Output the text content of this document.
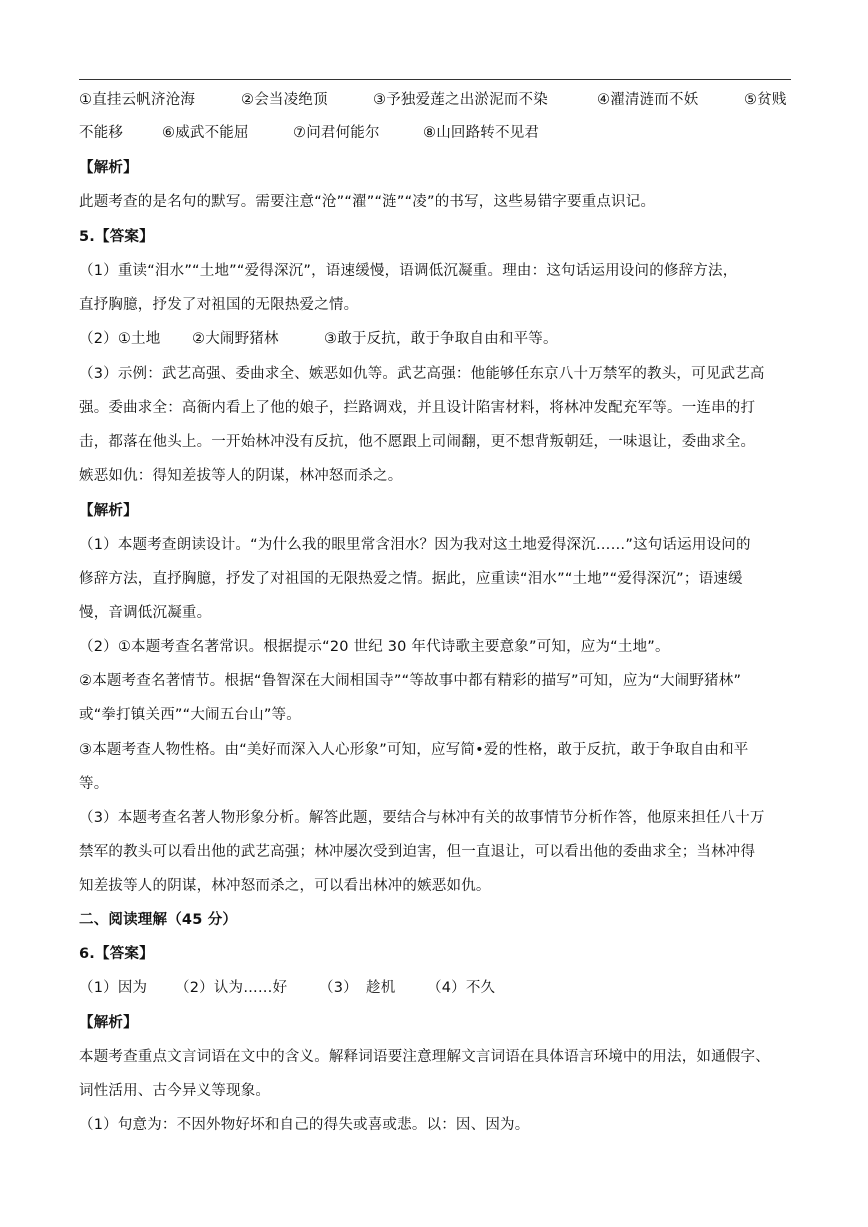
①直挂云帆济沧海	②会当凌绝顶	③予独爱莲之出淤泥而不染	④濯清涟而不妖	⑤贫贱
不能移	⑥威武不能屈	⑦问君何能尔	⑧山回路转不见君
【解析】
此题考查的是名句的默写。需要注意“沧”“濯”“涟”“凌”的书写，这些易错字要重点识记。
5.【答案】
（1）重读“泪水”“土地”“爱得深沉”，语速缓慢，语调低沉凝重。理由：这句话运用设问的修辞方法，
直抒胸臆，抒发了对祖国的无限热爱之情。
（2）①土地 ②大闹野猪林	③敢于反抗，敢于争取自由和平等。
（3）示例：武艺高强、委曲求全、嫉恶如仇等。武艺高强：他能够任东京八十万禁军的教头，可见武艺高
强。委曲求全：高衙内看上了他的娘子，拦路调戏，并且设计陷害材料，将林冲发配充军等。一连串的打
击，都落在他头上。一开始林冲没有反抗，他不愿跟上司闹翻，更不想背叛朝廷，一味退让，委曲求全。
嫉恶如仇：得知差拔等人的阴谋，林冲怒而杀之。
【解析】
（1）本题考查朗读设计。“为什么我的眼里常含泪水？因为我对这土地爱得深沉……”这句话运用设问的
修辞方法，直抒胸臆，抒发了对祖国的无限热爱之情。据此，应重读“泪水”“土地”“爱得深沉”；语速缓
慢，音调低沉凝重。
（2）①本题考查名著常识。根据提示“20 世纪 30 年代诗歌主要意象”可知，应为“土地”。
②本题考查名著情节。根据“鲁智深在大闹相国寺”“等故事中都有精彩的描写”可知，应为“大闹野猪林”
或“拳打镇关西”“大闹五台山”等。
③本题考查人物性格。由“美好而深入人心形象”可知，应写简•爱的性格，敢于反抗，敢于争取自由和平
等。
（3）本题考查名著人物形象分析。解答此题，要结合与林冲有关的故事情节分析作答，他原来担任八十万
禁军的教头可以看出他的武艺高强；林冲屡次受到迫害，但一直退让，可以看出他的委曲求全；当林冲得
知差拔等人的阴谋，林冲怒而杀之，可以看出林冲的嫉恶如仇。
二、阅读理解（45 分）
6.【答案】
（1）因为 （2）认为……好 （3） 趁机 （4）不久
【解析】
本题考查重点文言词语在文中的含义。解释词语要注意理解文言词语在具体语言环境中的用法，如通假字、
词性活用、古今异义等现象。
（1）句意为：不因外物好坏和自己的得失或喜或悲。以：因、因为。
